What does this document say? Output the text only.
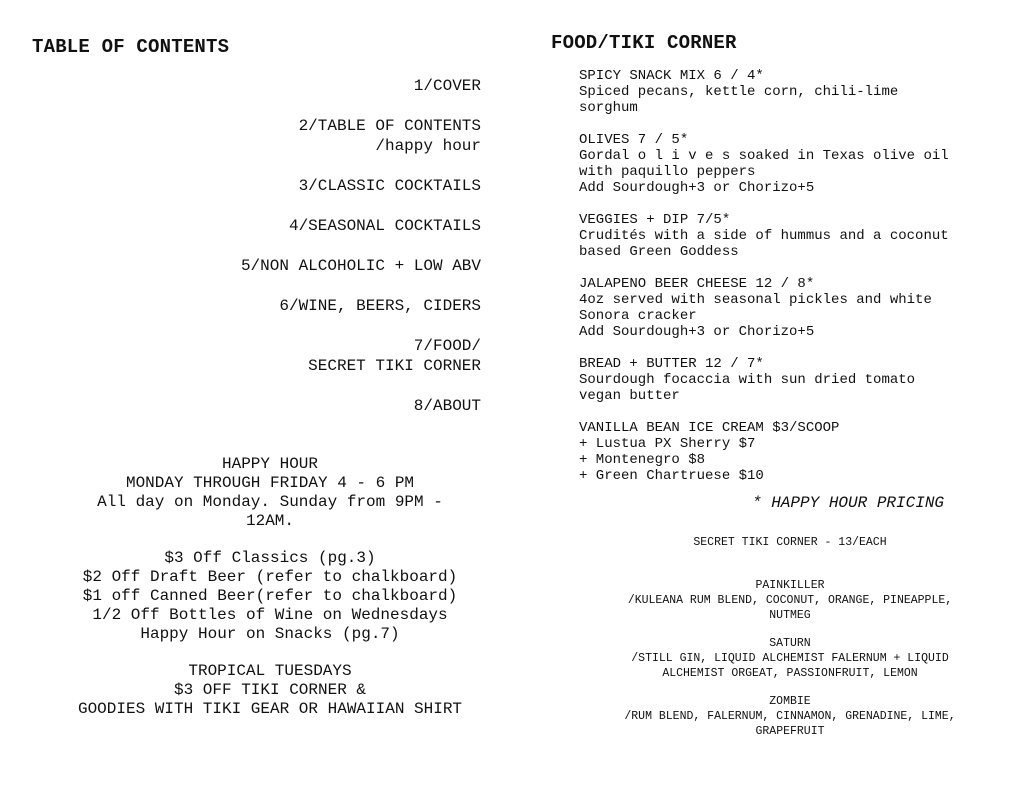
TABLE OF CONTENTS
1/COVER
2/TABLE OF CONTENTS
/happy hour
3/CLASSIC COCKTAILS
4/SEASONAL COCKTAILS
5/NON ALCOHOLIC + LOW ABV
6/WINE, BEERS, CIDERS
7/FOOD/
SECRET TIKI CORNER
8/ABOUT
HAPPY HOUR
MONDAY THROUGH FRIDAY 4 - 6 PM
All day on Monday. Sunday from 9PM -
12AM.
$3 Off Classics (pg.3)
$2 Off Draft Beer (refer to chalkboard)
$1 off Canned Beer(refer to chalkboard)
1/2 Off Bottles of Wine on Wednesdays
Happy Hour on Snacks (pg.7)
TROPICAL TUESDAYS
$3 OFF TIKI CORNER &
GOODIES WITH TIKI GEAR OR HAWAIIAN SHIRT
FOOD/TIKI CORNER
SPICY SNACK MIX 6 / 4*
Spiced pecans, kettle corn, chili-lime
sorghum
OLIVES 7 / 5*
Gordal o l i v e s soaked in Texas olive oil
with paquillo peppers
Add Sourdough+3 or Chorizo+5
VEGGIES + DIP 7/5*
Crudités with a side of hummus and a coconut
based Green Goddess
JALAPENO BEER CHEESE 12 / 8*
4oz served with seasonal pickles and white
Sonora cracker
Add Sourdough+3 or Chorizo+5
BREAD + BUTTER 12 / 7*
Sourdough focaccia with sun dried tomato
vegan butter
VANILLA BEAN ICE CREAM $3/SCOOP
+ Lustua PX Sherry $7
+ Montenegro $8
+ Green Chartruese $10
* HAPPY HOUR PRICING
SECRET TIKI CORNER - 13/EACH
PAINKILLER
/KULEANA RUM BLEND, COCONUT, ORANGE, PINEAPPLE,
NUTMEG
SATURN
/STILL GIN, LIQUID ALCHEMIST FALERNUM + LIQUID
ALCHEMIST ORGEAT, PASSIONFRUIT, LEMON
ZOMBIE
/RUM BLEND, FALERNUM, CINNAMON, GRENADINE, LIME,
GRAPEFRUIT
